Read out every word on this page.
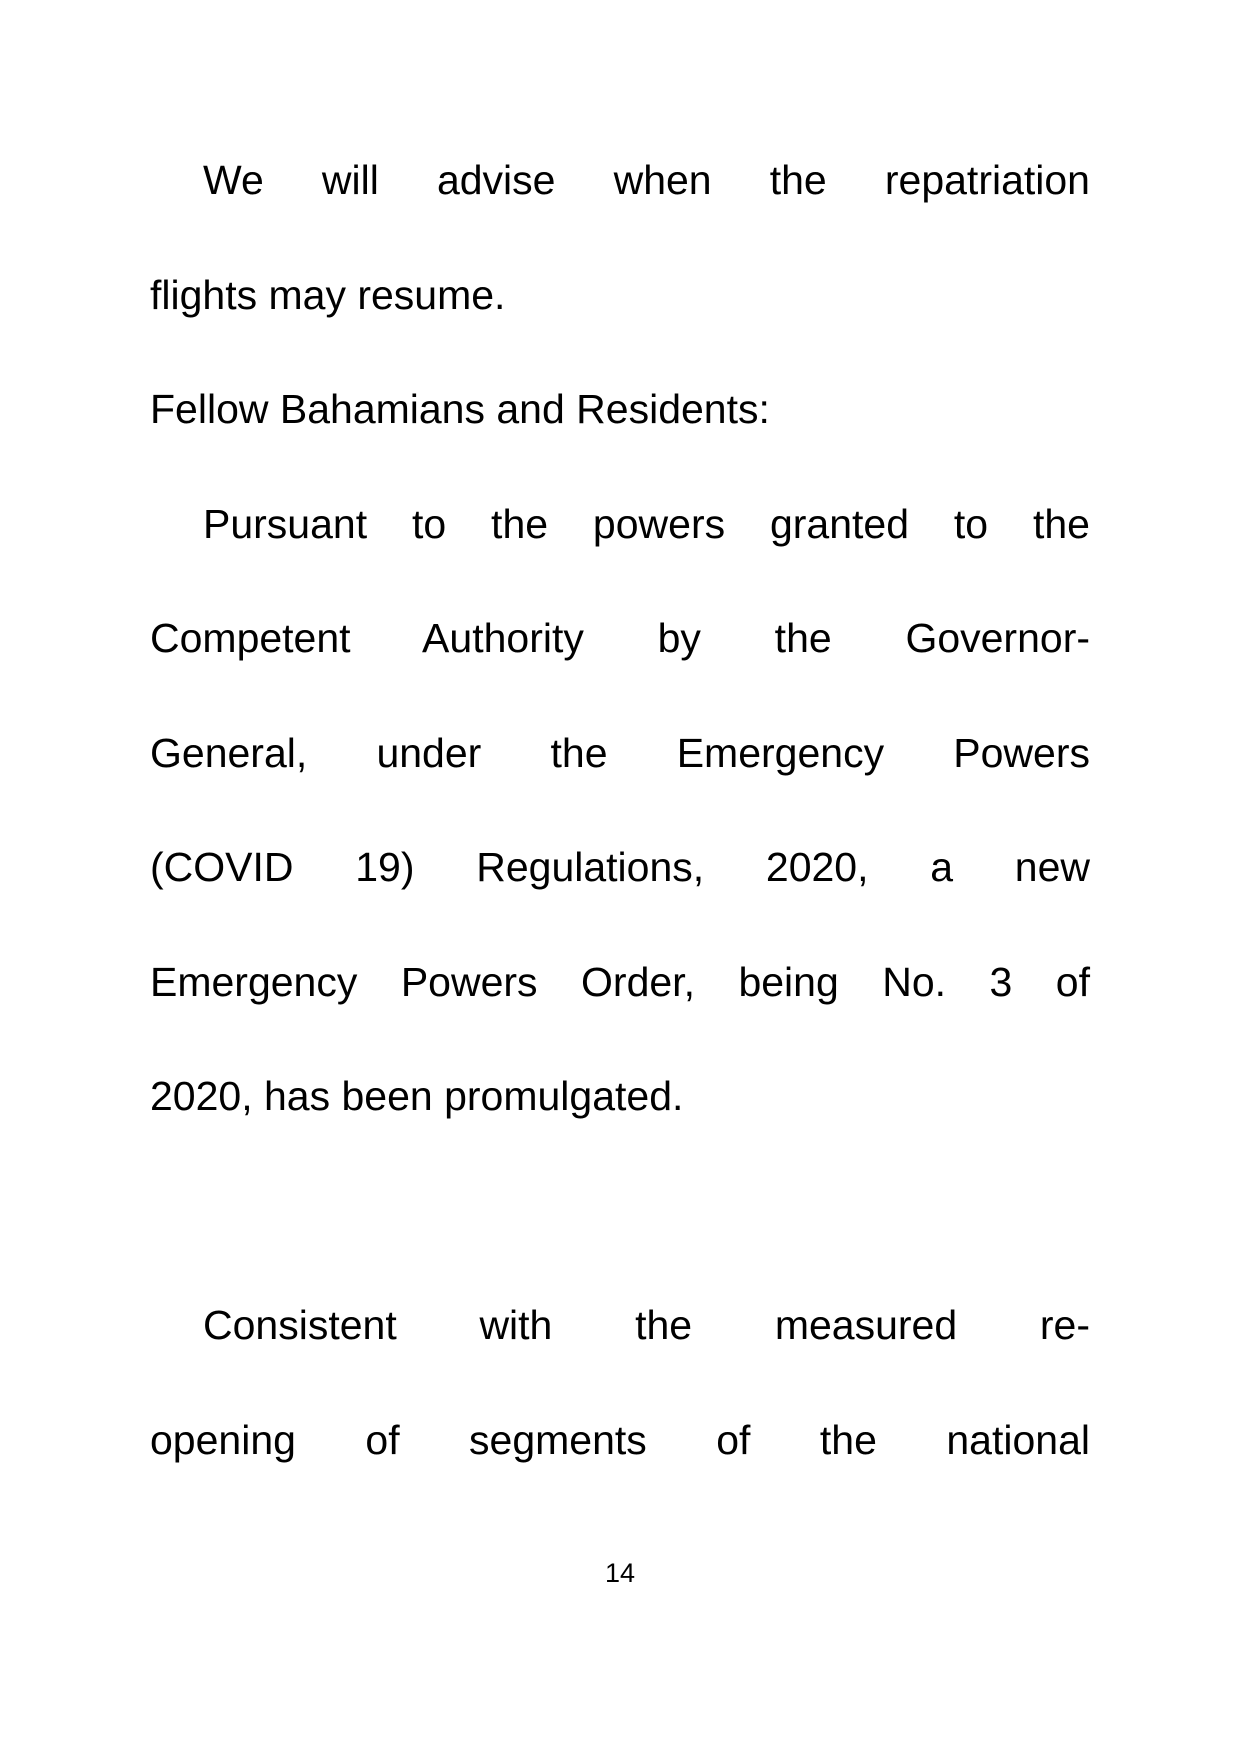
We will advise when the repatriation
flights may resume.
Fellow Bahamians and Residents:
Pursuant to the powers granted to the
Competent Authority by the Governor-
General, under the Emergency Powers
(COVID 19) Regulations, 2020, a new
Emergency Powers Order, being No. 3 of
2020, has been promulgated.
Consistent with the measured re-
opening of segments of the national
14
